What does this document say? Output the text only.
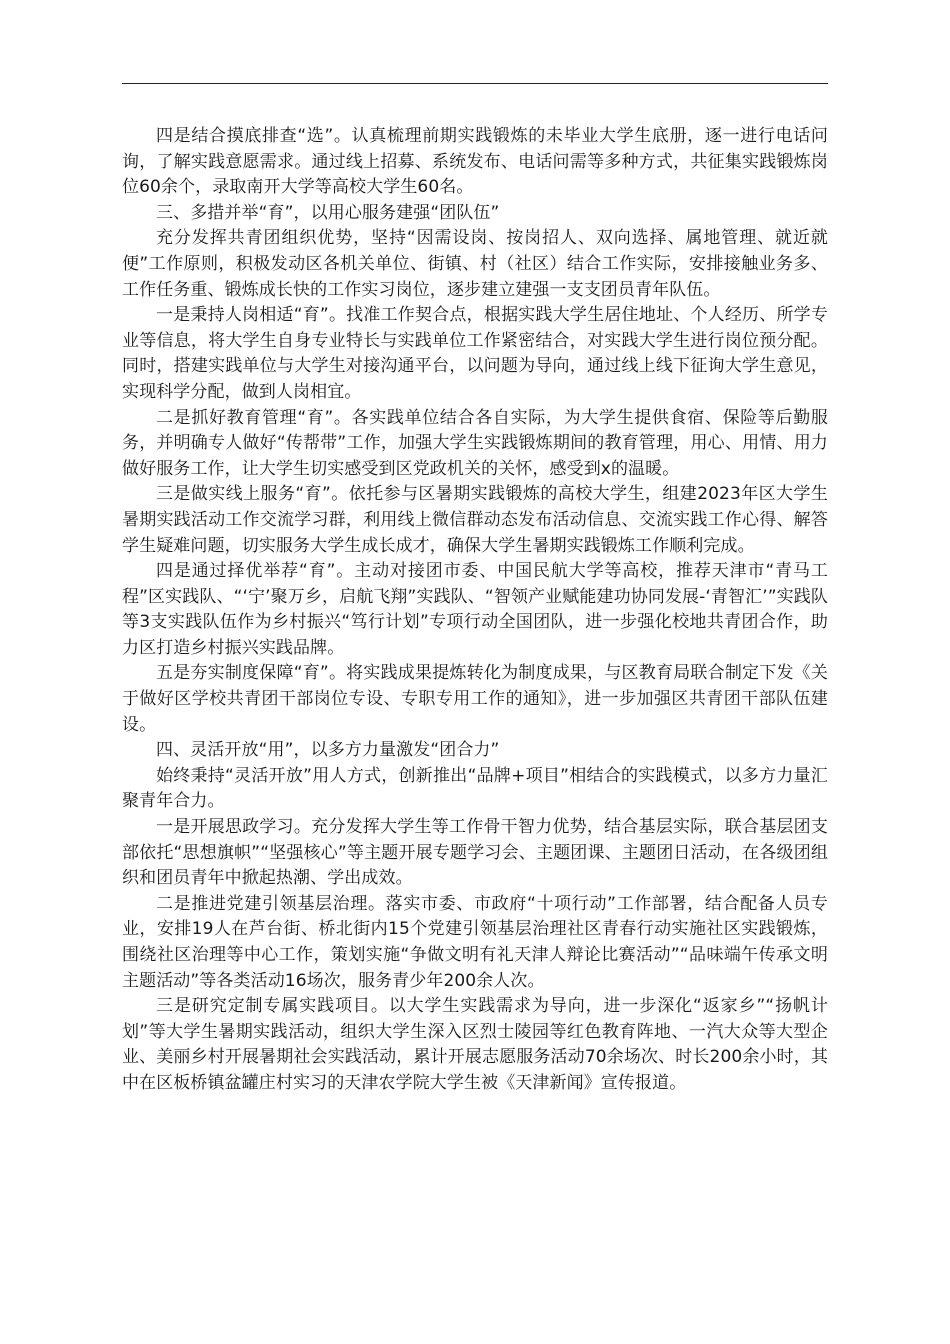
四是结合摸底排查“选”。认真梳理前期实践锻炼的未毕业大学生底册，逐一进行电话问询，了解实践意愿需求。通过线上招募、系统发布、电话问需等多种方式，共征集实践锻炼岗位60余个，录取南开大学等高校大学生60名。

三、多措并举“育”，以用心服务建强“团队伍”

充分发挥共青团组织优势，坚持“因需设岗、按岗招人、双向选择、属地管理、就近就便”工作原则，积极发动区各机关单位、街镇、村（社区）结合工作实际，安排接触业务多、工作任务重、锻炼成长快的工作实习岗位，逐步建立建强一支支团员青年队伍。

一是秉持人岗相适“育”。找准工作契合点，根据实践大学生居住地址、个人经历、所学专业等信息，将大学生自身专业特长与实践单位工作紧密结合，对实践大学生进行岗位预分配。同时，搭建实践单位与大学生对接沟通平台，以问题为导向，通过线上线下征询大学生意见，实现科学分配，做到人岗相宜。

二是抓好教育管理“育”。各实践单位结合各自实际，为大学生提供食宿、保险等后勤服务，并明确专人做好“传帮带”工作，加强大学生实践锻炼期间的教育管理，用心、用情、用力做好服务工作，让大学生切实感受到区党政机关的关怀，感受到x的温暖。

三是做实线上服务“育”。依托参与区暑期实践锻炼的高校大学生，组建2023年区大学生暑期实践活动工作交流学习群，利用线上微信群动态发布活动信息、交流实践工作心得、解答学生疑难问题，切实服务大学生成长成才，确保大学生暑期实践锻炼工作顺利完成。

四是通过择优举荐“育”。主动对接团市委、中国民航大学等高校，推荐天津市“青马工程”区实践队、“‘宁’聚万乡，启航飞翔”实践队、“智领产业赋能建功协同发展-‘青智汇’”实践队等3支实践队伍作为乡村振兴“笃行计划”专项行动全国团队，进一步强化校地共青团合作，助力区打造乡村振兴实践品牌。

五是夯实制度保障“育”。将实践成果提炼转化为制度成果，与区教育局联合制定下发《关于做好区学校共青团干部岗位专设、专职专用工作的通知》，进一步加强区共青团干部队伍建设。

四、灵活开放“用”，以多方力量激发“团合力”

始终秉持“灵活开放”用人方式，创新推出“品牌+项目”相结合的实践模式，以多方力量汇聚青年合力。

一是开展思政学习。充分发挥大学生等工作骨干智力优势，结合基层实际，联合基层团支部依托“思想旗帜”“坚强核心”等主题开展专题学习会、主题团课、主题团日活动，在各级团组织和团员青年中掀起热潮、学出成效。

二是推进党建引领基层治理。落实市委、市政府“十项行动”工作部署，结合配备人员专业，安排19人在芦台街、桥北街内15个党建引领基层治理社区青春行动实施社区实践锻炼，围绕社区治理等中心工作，策划实施“争做文明有礼天津人辩论比赛活动”“品味端午传承文明主题活动”等各类活动16场次，服务青少年200余人次。

三是研究定制专属实践项目。以大学生实践需求为导向，进一步深化“返家乡”“扬帆计划”等大学生暑期实践活动，组织大学生深入区烈士陵园等红色教育阵地、一汽大众等大型企业、美丽乡村开展暑期社会实践活动，累计开展志愿服务活动70余场次、时长200余小时，其中在区板桥镇盆罐庄村实习的天津农学院大学生被《天津新闻》宣传报道。
